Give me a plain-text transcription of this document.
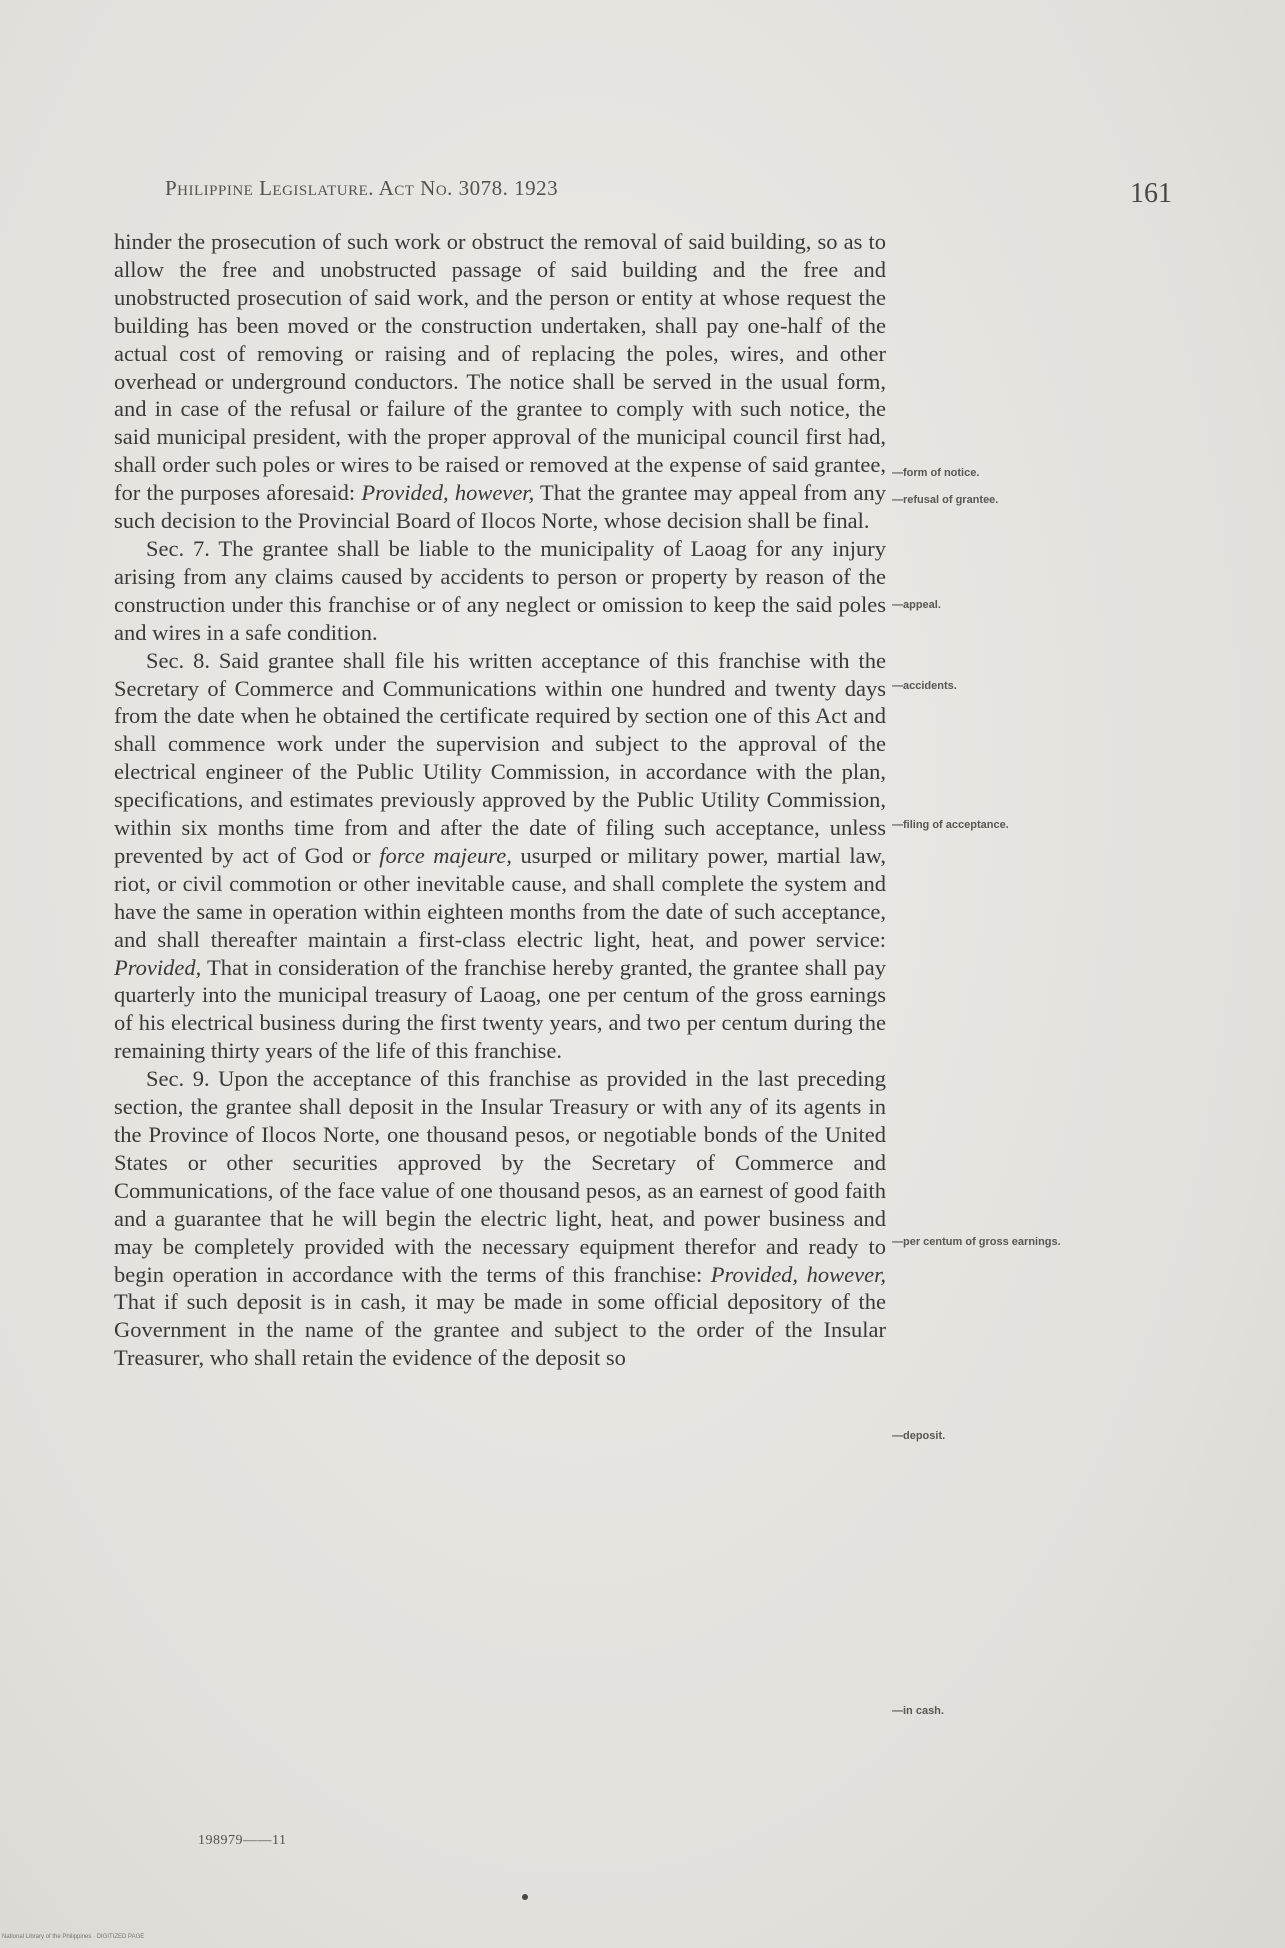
Philippine Legislature. Act No. 3078. 1923	161

hinder the prosecution of such work or obstruct the removal of said building, so as to allow the free and unobstructed passage of said building and the free and unobstructed prosecution of said work, and the person or entity at whose request the building has been moved or the construction undertaken, shall pay one-half of the actual cost of removing or raising and of replacing the poles, wires, and other overhead or underground conductors. The notice shall be served in the usual form, and in case of the refusal or failure of the grantee to comply with such notice, the said municipal president, with the proper approval of the municipal council first had, shall order such poles or wires to be raised or removed at the expense of said grantee, for the purposes aforesaid: Provided, however, That the grantee may appeal from any such decision to the Provincial Board of Ilocos Norte, whose decision shall be final.

Sec. 7. The grantee shall be liable to the municipality of Laoag for any injury arising from any claims caused by accidents to person or property by reason of the construction under this franchise or of any neglect or omission to keep the said poles and wires in a safe condition.

Sec. 8. Said grantee shall file his written acceptance of this franchise with the Secretary of Commerce and Communications within one hundred and twenty days from the date when he obtained the certificate required by section one of this Act and shall commence work under the supervision and subject to the approval of the electrical engineer of the Public Utility Commission, in accordance with the plan, specifications, and estimates previously approved by the Public Utility Commission, within six months time from and after the date of filing such acceptance, unless prevented by act of God or force majeure, usurped or military power, martial law, riot, or civil commotion or other inevitable cause, and shall complete the system and have the same in operation within eighteen months from the date of such acceptance, and shall thereafter maintain a first-class electric light, heat, and power service: Provided, That in consideration of the franchise hereby granted, the grantee shall pay quarterly into the municipal treasury of Laoag, one per centum of the gross earnings of his electrical business during the first twenty years, and two per centum during the remaining thirty years of the life of this franchise.

Sec. 9. Upon the acceptance of this franchise as provided in the last preceding section, the grantee shall deposit in the Insular Treasury or with any of its agents in the Province of Ilocos Norte, one thousand pesos, or negotiable bonds of the United States or other securities approved by the Secretary of Commerce and Communications, of the face value of one thousand pesos, as an earnest of good faith and a guarantee that he will begin the electric light, heat, and power business and may be completely provided with the necessary equipment therefor and ready to begin operation in accordance with the terms of this franchise: Provided, however, That if such deposit is in cash, it may be made in some official depository of the Government in the name of the grantee and subject to the order of the Insular Treasurer, who shall retain the evidence of the deposit so

—form of notice.
—refusal of grantee.
—appeal.
—accidents.
—filing of acceptance.
—per centum of gross earnings.
—deposit.
—in cash.
198979——11
National Library of the Philippines · DIGITIZED PAGE
